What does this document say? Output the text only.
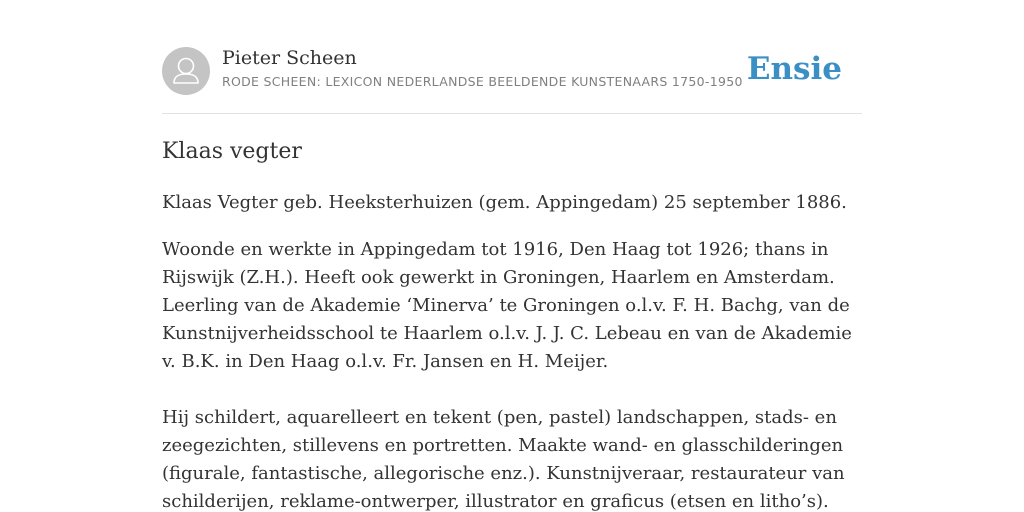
Pieter Scheen
RODE SCHEEN: LEXICON NEDERLANDSE BEELDENDE KUNSTENAARS 1750-1950 Ensie
Klaas vegter

Klaas Vegter geb. Heeksterhuizen (gem. Appingedam) 25 september 1886.

Woonde en werkte in Appingedam tot 1916, Den Haag tot 1926; thans in Rijswijk (Z.H.). Heeft ook gewerkt in Groningen, Haarlem en Amsterdam. Leerling van de Akademie ‘Minerva’ te Groningen o.l.v. F. H. Bachg, van de Kunstnijverheidsschool te Haarlem o.l.v. J. J. C. Lebeau en van de Akademie v. B.K. in Den Haag o.l.v. Fr. Jansen en H. Meijer.

Hij schildert, aquarelleert en tekent (pen, pastel) landschappen, stads- en zeegezichten, stillevens en portretten. Maakte wand- en glasschilderingen (figurale, fantastische, allegorische enz.). Kunstnijveraar, restaurateur van schilderijen, reklame-ontwerper, illustrator en graficus (etsen en litho’s).
